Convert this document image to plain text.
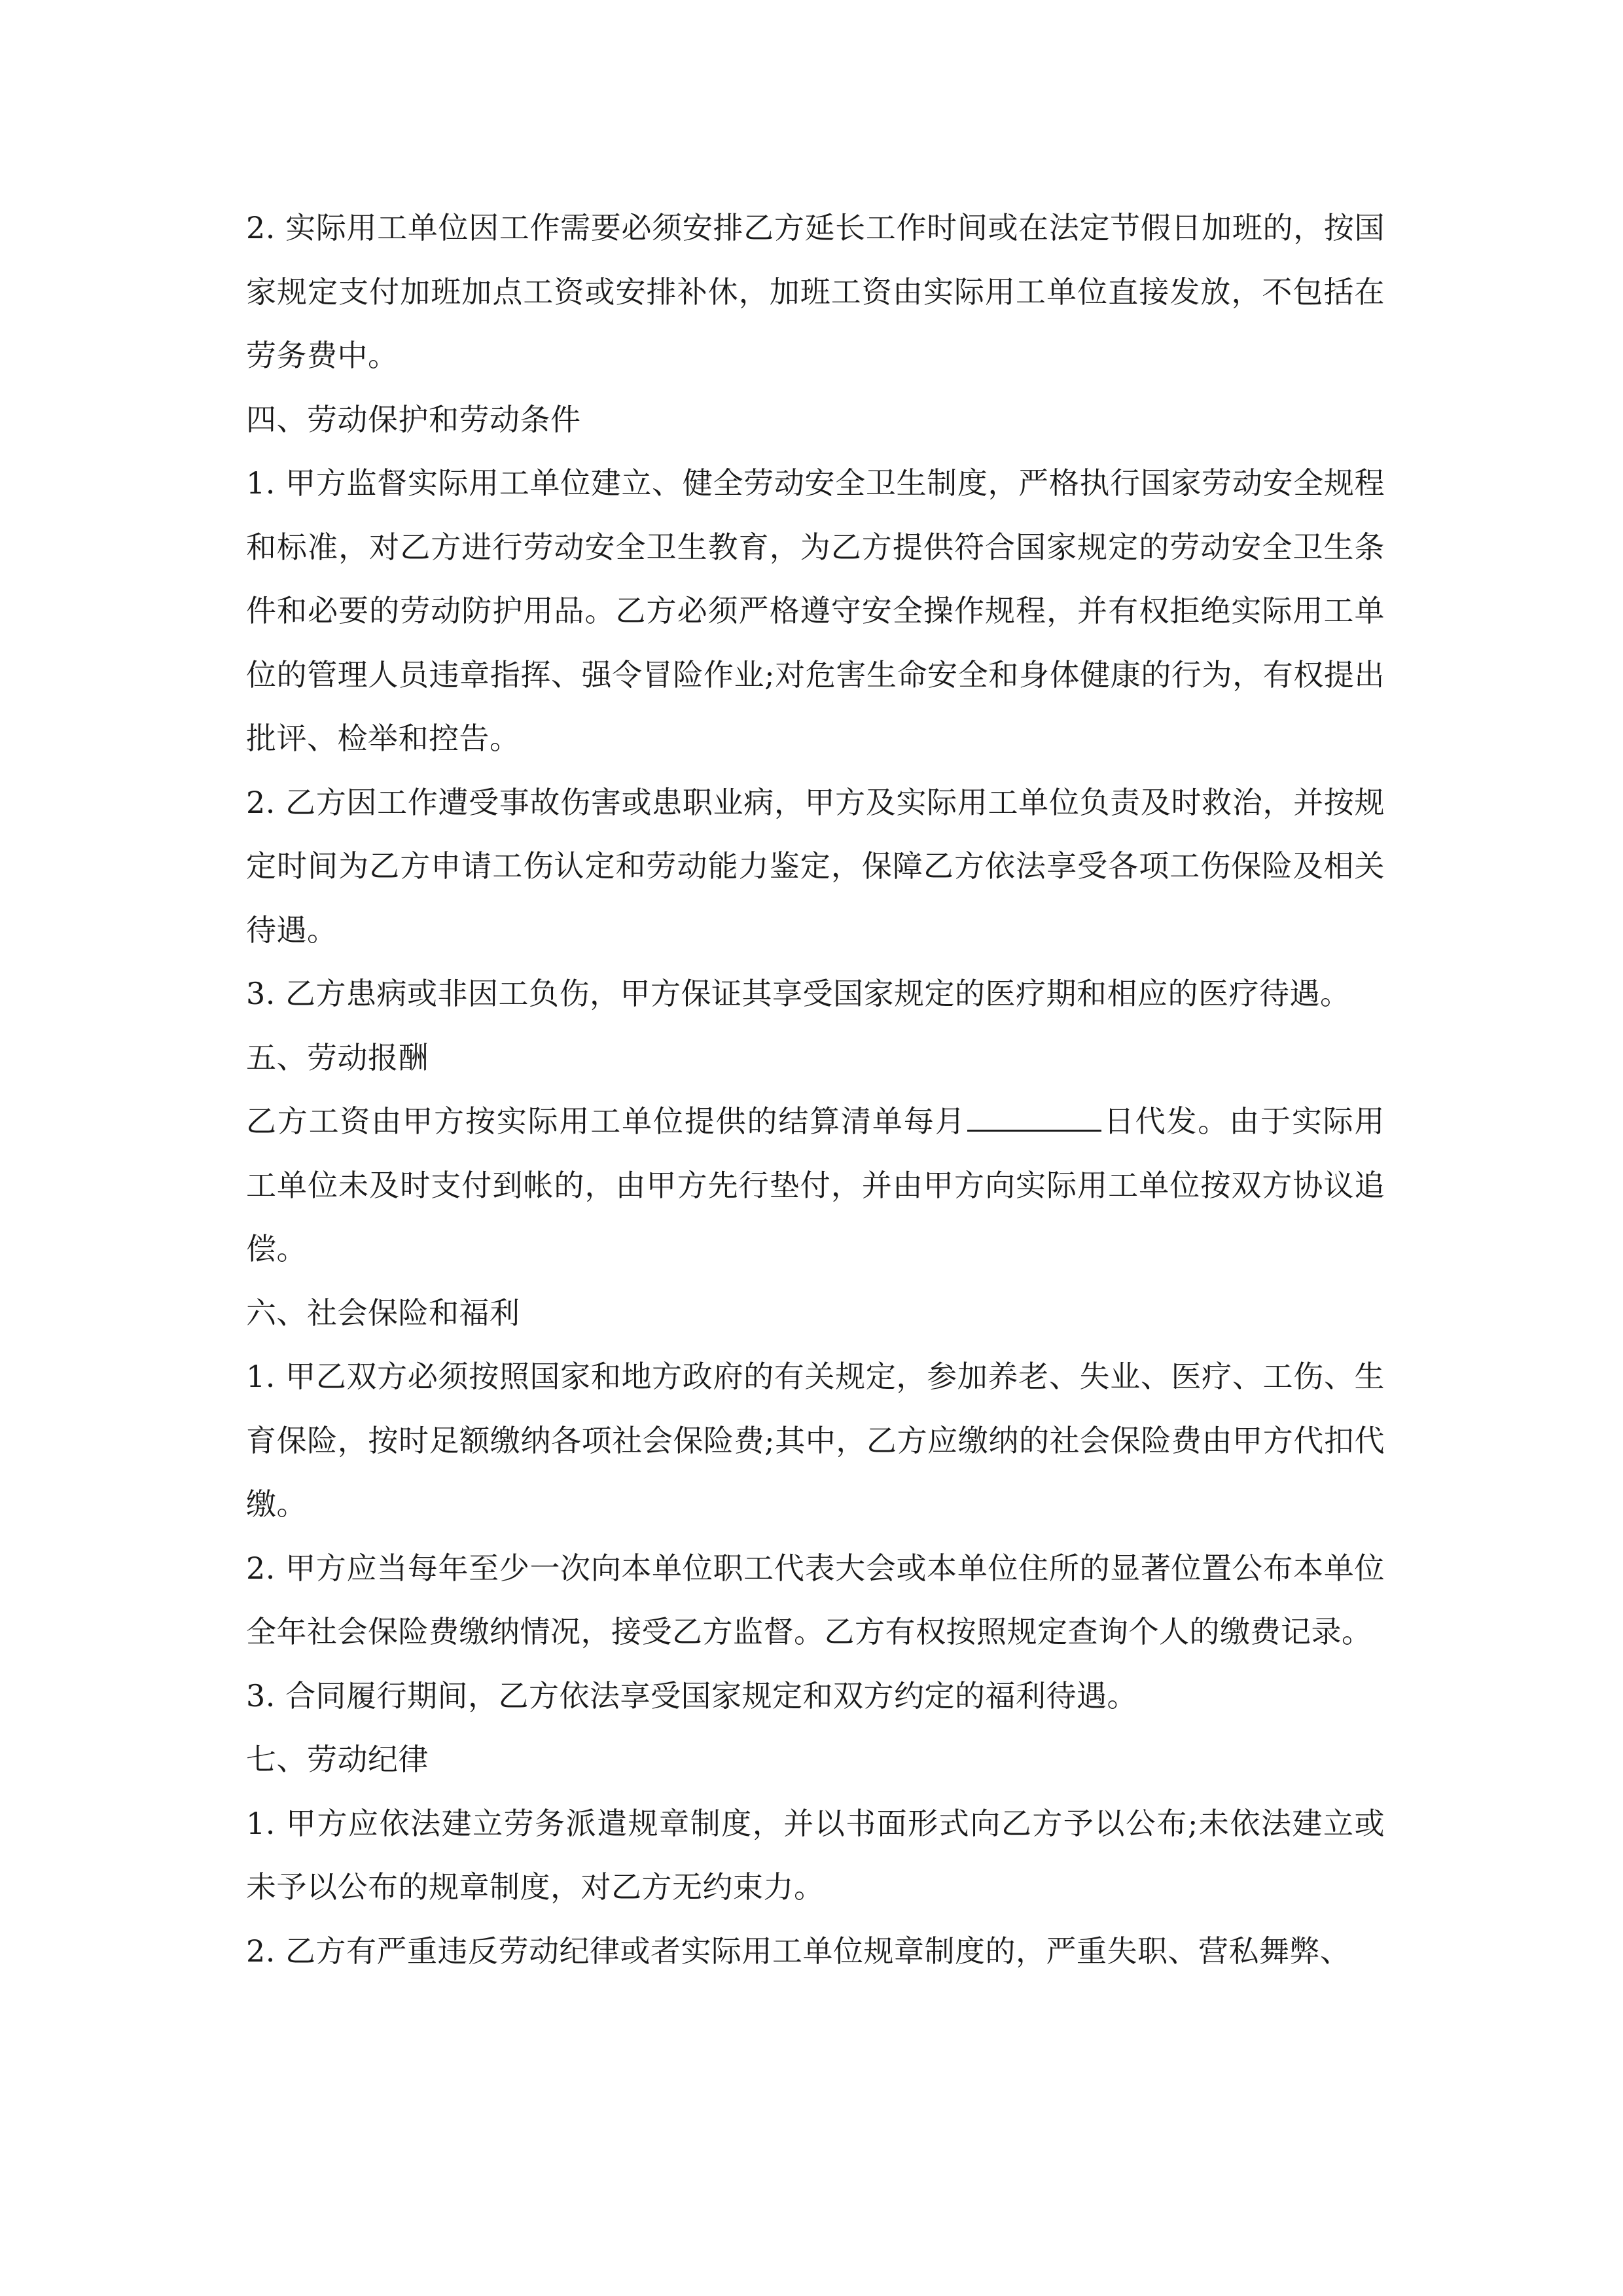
2. 实际用工单位因工作需要必须安排乙方延长工作时间或在法定节假日加班的，按国家规定支付加班加点工资或安排补休，加班工资由实际用工单位直接发放，不包括在劳务费中。

四、劳动保护和劳动条件

1. 甲方监督实际用工单位建立、健全劳动安全卫生制度，严格执行国家劳动安全规程和标准，对乙方进行劳动安全卫生教育，为乙方提供符合国家规定的劳动安全卫生条件和必要的劳动防护用品。乙方必须严格遵守安全操作规程，并有权拒绝实际用工单位的管理人员违章指挥、强令冒险作业;对危害生命安全和身体健康的行为，有权提出批评、检举和控告。

2. 乙方因工作遭受事故伤害或患职业病，甲方及实际用工单位负责及时救治，并按规定时间为乙方申请工伤认定和劳动能力鉴定，保障乙方依法享受各项工伤保险及相关待遇。

3. 乙方患病或非因工负伤，甲方保证其享受国家规定的医疗期和相应的医疗待遇。

五、劳动报酬

乙方工资由甲方按实际用工单位提供的结算清单每月	日代发。由于实际用工单位未及时支付到帐的，由甲方先行垫付，并由甲方向实际用工单位按双方协议追偿。

六、社会保险和福利

1. 甲乙双方必须按照国家和地方政府的有关规定，参加养老、失业、医疗、工伤、生育保险，按时足额缴纳各项社会保险费;其中，乙方应缴纳的社会保险费由甲方代扣代缴。

2. 甲方应当每年至少一次向本单位职工代表大会或本单位住所的显著位置公布本单位全年社会保险费缴纳情况，接受乙方监督。乙方有权按照规定查询个人的缴费记录。

3. 合同履行期间，乙方依法享受国家规定和双方约定的福利待遇。

七、劳动纪律

1. 甲方应依法建立劳务派遣规章制度，并以书面形式向乙方予以公布;未依法建立或未予以公布的规章制度，对乙方无约束力。

2. 乙方有严重违反劳动纪律或者实际用工单位规章制度的，严重失职、营私舞弊、
